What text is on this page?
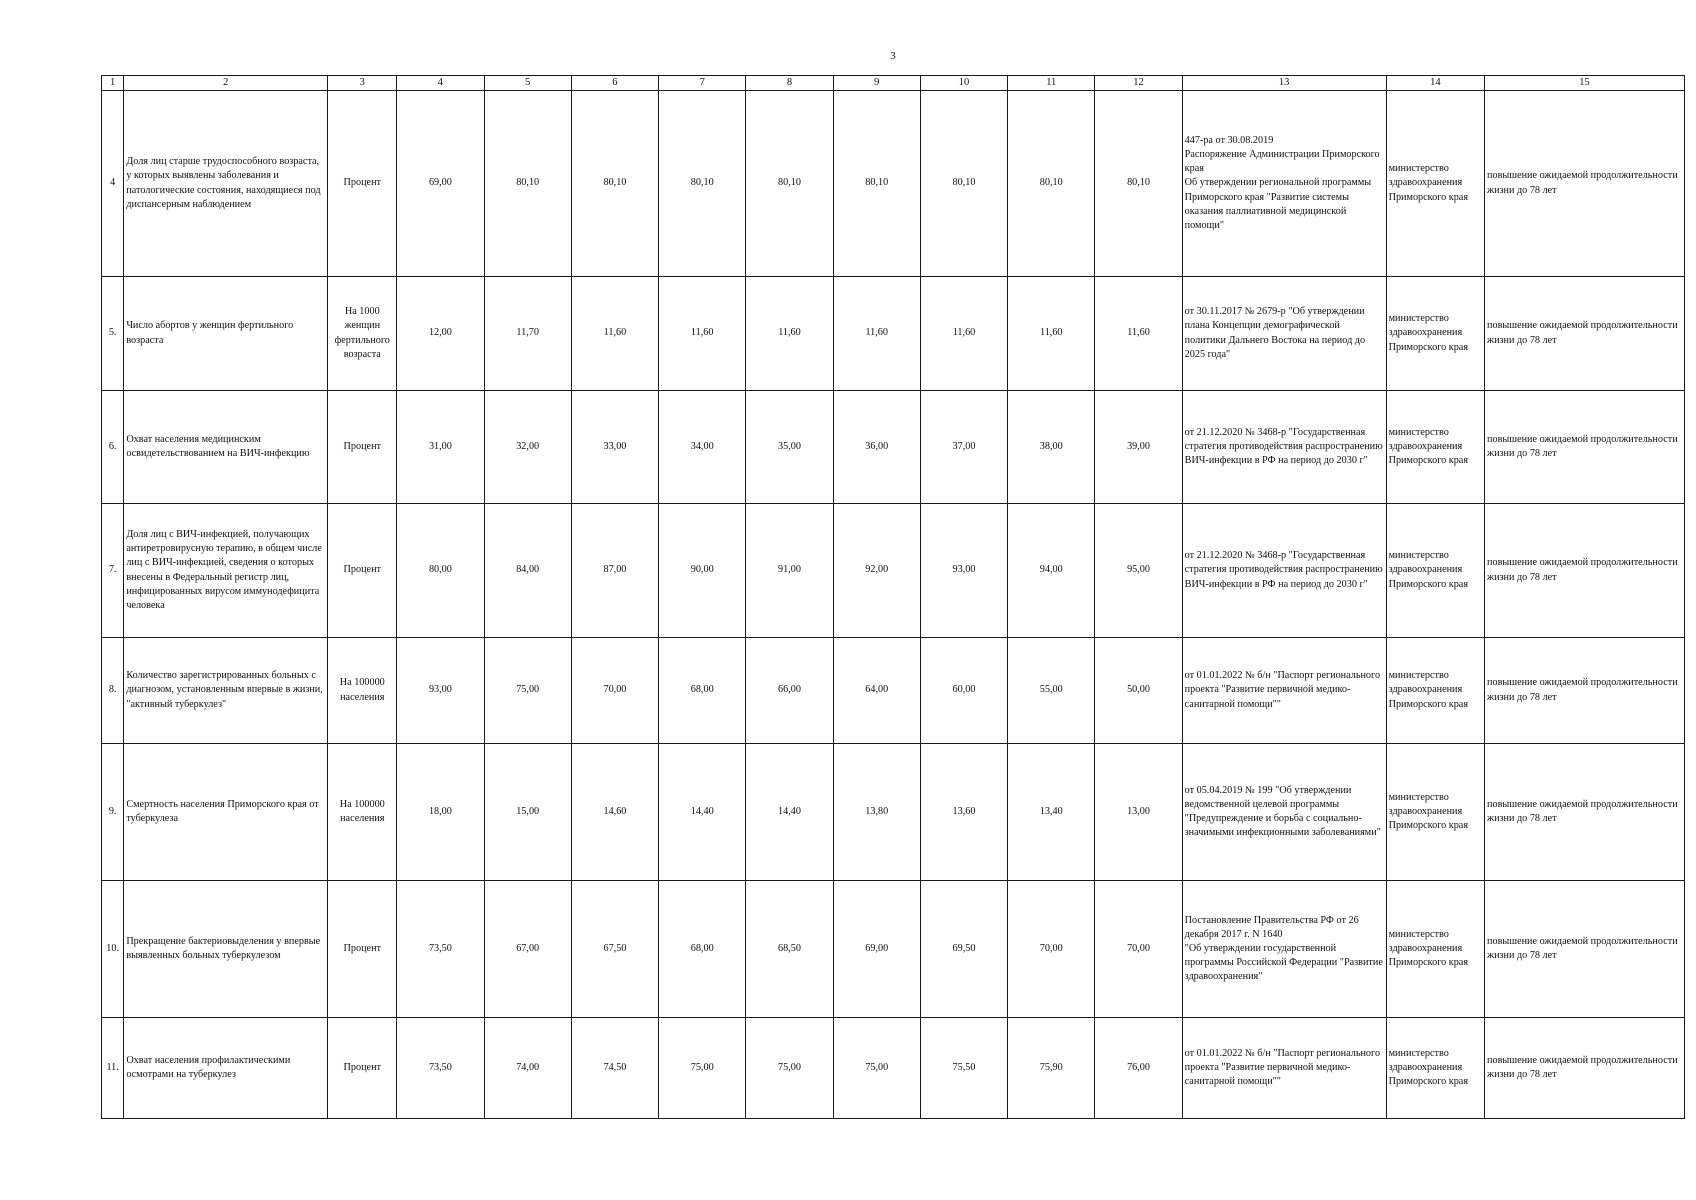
3
1	2	3	4	5	6	7	8	9	10	11	12	13	14	15
4	Доля лиц старше трудоспособного возраста, у которых выявлены заболевания и патологические состояния, находящиеся под диспансерным наблюдением	Процент	69,00	80,10	80,10	80,10	80,10	80,10	80,10	80,10	80,10	447-ра от 30.08.2019
Распоряжение Администрации Приморского края
Об утверждении региональной программы Приморского края "Развитие системы оказания паллиативной медицинской помощи"	министерство здравоохранения Приморского края	повышение ожидаемой продолжительности жизни до 78 лет
5.	Число абортов у женщин фертильного возраста	На 1000 женщин фертильного возраста	12,00	11,70	11,60	11,60	11,60	11,60	11,60	11,60	11,60	от 30.11.2017 № 2679-р "Об утверждении плана Концепции демографической политики Дальнего Востока на период до 2025 года"	министерство здравоохранения Приморского края	повышение ожидаемой продолжительности жизни до 78 лет
6.	Охват населения медицинским освидетельствованием на ВИЧ-инфекцию	Процент	31,00	32,00	33,00	34,00	35,00	36,00	37,00	38,00	39,00	от 21.12.2020 № 3468-р "Государственная стратегия противодействия распространению ВИЧ-инфекции в РФ на период до 2030 г"	министерство здравоохранения Приморского края	повышение ожидаемой продолжительности жизни до 78 лет
7.	Доля лиц с ВИЧ-инфекцией, получающих антиретровирусную терапию, в общем числе лиц с ВИЧ-инфекцией, сведения о которых внесены в Федеральный регистр лиц, инфицированных вирусом иммунодефицита человека	Процент	80,00	84,00	87,00	90,00	91,00	92,00	93,00	94,00	95,00	от 21.12.2020 № 3468-р "Государственная стратегия противодействия распространению ВИЧ-инфекции в РФ на период до 2030 г"	министерство здравоохранения Приморского края	повышение ожидаемой продолжительности жизни до 78 лет
8.	Количество зарегистрированных больных с диагнозом, установленным впервые в жизни, "активный туберкулез"	На 100000 населения	93,00	75,00	70,00	68,00	66,00	64,00	60,00	55,00	50,00	от 01.01.2022 № б/н "Паспорт регионального проекта "Развитие первичной медико-санитарной помощи""	министерство здравоохранения Приморского края	повышение ожидаемой продолжительности жизни до 78 лет
9.	Смертность населения Приморского края от туберкулеза	На 100000 населения	18,00	15,00	14,60	14,40	14,40	13,80	13,60	13,40	13,00	от 05.04.2019 № 199 "Об утверждении ведомственной целевой программы "Предупреждение и борьба с социально-значимыми инфекционными заболеваниями"	министерство здравоохранения Приморского края	повышение ожидаемой продолжительности жизни до 78 лет
10.	Прекращение бактериовыделения у впервые выявленных больных туберкулезом	Процент	73,50	67,00	67,50	68,00	68,50	69,00	69,50	70,00	70,00	Постановление Правительства РФ от 26 декабря 2017 г. N 1640
"Об утверждении государственной программы Российской Федерации "Развитие здравоохранения"	министерство здравоохранения Приморского края	повышение ожидаемой продолжительности жизни до 78 лет
11.	Охват населения профилактическими осмотрами на туберкулез	Процент	73,50	74,00	74,50	75,00	75,00	75,00	75,50	75,90	76,00	от 01.01.2022 № б/н "Паспорт регионального проекта "Развитие первичной медико-санитарной помощи""	министерство здравоохранения Приморского края	повышение ожидаемой продолжительности жизни до 78 лет
